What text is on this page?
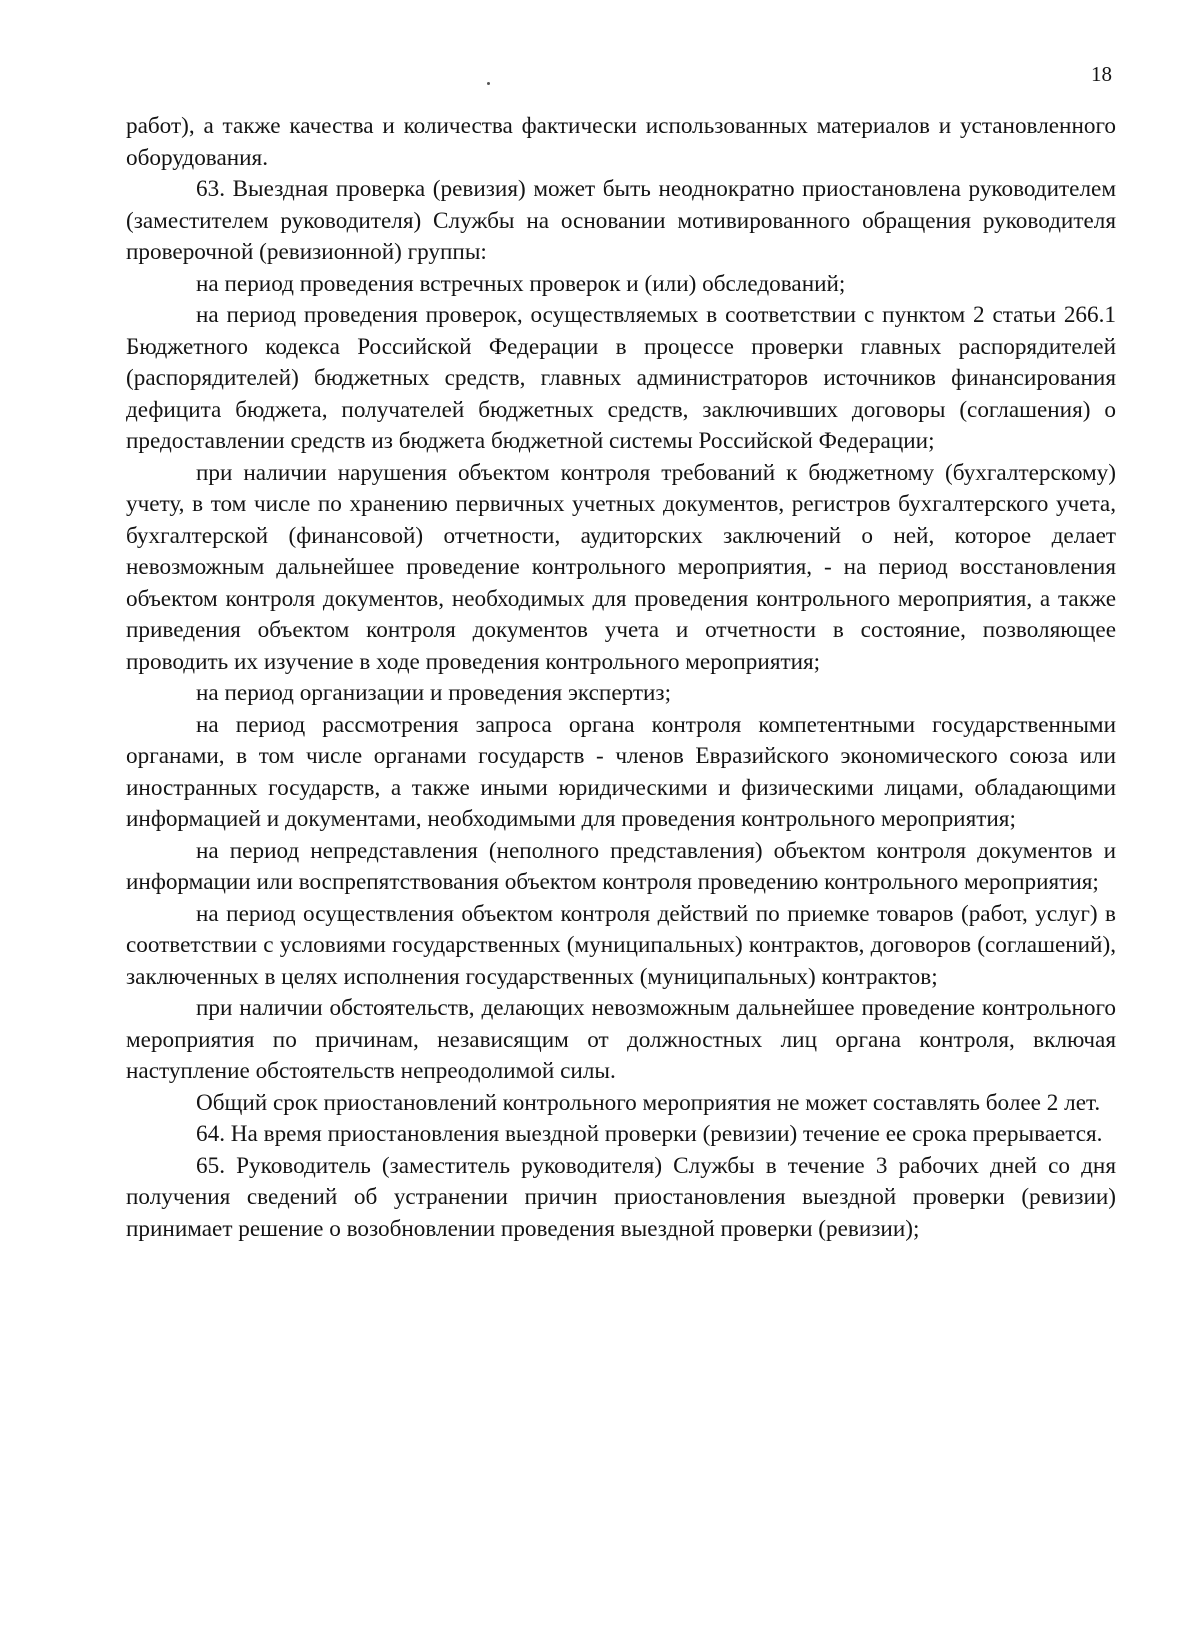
18

работ), а также качества и количества фактически использованных материалов и установленного оборудования.

63. Выездная проверка (ревизия) может быть неоднократно приостановлена руководителем (заместителем руководителя) Службы на основании мотивированного обращения руководителя проверочной (ревизионной) группы:

на период проведения встречных проверок и (или) обследований;

на период проведения проверок, осуществляемых в соответствии с пунктом 2 статьи 266.1 Бюджетного кодекса Российской Федерации в процессе проверки главных распорядителей (распорядителей) бюджетных средств, главных администраторов источников финансирования дефицита бюджета, получателей бюджетных средств, заключивших договоры (соглашения) о предоставлении средств из бюджета бюджетной системы Российской Федерации;

при наличии нарушения объектом контроля требований к бюджетному (бухгалтерскому) учету, в том числе по хранению первичных учетных документов, регистров бухгалтерского учета, бухгалтерской (финансовой) отчетности, аудиторских заключений о ней, которое делает невозможным дальнейшее проведение контрольного мероприятия, - на период восстановления объектом контроля документов, необходимых для проведения контрольного мероприятия, а также приведения объектом контроля документов учета и отчетности в состояние, позволяющее проводить их изучение в ходе проведения контрольного мероприятия;

на период организации и проведения экспертиз;

на период рассмотрения запроса органа контроля компетентными государственными органами, в том числе органами государств - членов Евразийского экономического союза или иностранных государств, а также иными юридическими и физическими лицами, обладающими информацией и документами, необходимыми для проведения контрольного мероприятия;

на период непредставления (неполного представления) объектом контроля документов и информации или воспрепятствования объектом контроля проведению контрольного мероприятия;

на период осуществления объектом контроля действий по приемке товаров (работ, услуг) в соответствии с условиями государственных (муниципальных) контрактов, договоров (соглашений), заключенных в целях исполнения государственных (муниципальных) контрактов;

при наличии обстоятельств, делающих невозможным дальнейшее проведение контрольного мероприятия по причинам, независящим от должностных лиц органа контроля, включая наступление обстоятельств непреодолимой силы.

Общий срок приостановлений контрольного мероприятия не может составлять более 2 лет.

64. На время приостановления выездной проверки (ревизии) течение ее срока прерывается.

65. Руководитель (заместитель руководителя) Службы в течение 3 рабочих дней со дня получения сведений об устранении причин приостановления выездной проверки (ревизии) принимает решение о возобновлении проведения выездной проверки (ревизии);
